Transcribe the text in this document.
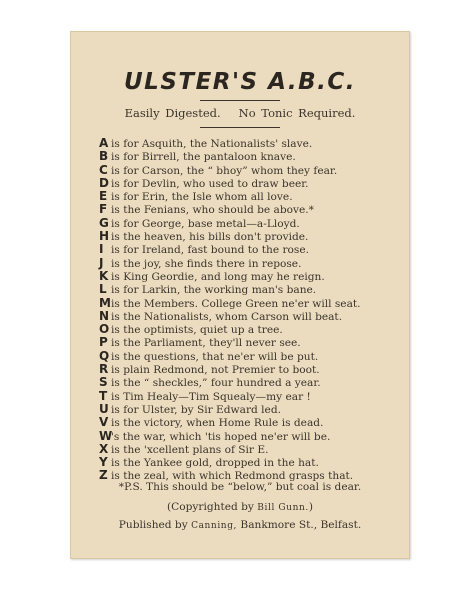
ULSTER'S A.B.C.
Easily Digested. No Tonic Required.
A is for Asquith, the Nationalists' slave.
B is for Birrell, the pantaloon knave.
C is for Carson, the “ bhoy” whom they fear.
D is for Devlin, who used to draw beer.
E is for Erin, the Isle whom all love.
F is the Fenians, who should be above.*
G is for George, base metal—a-Lloyd.
H is the heaven, his bills don't provide.
I is for Ireland, fast bound to the rose.
J is the joy, she finds there in repose.
K is King Geordie, and long may he reign.
L is for Larkin, the working man's bane.
Mis the Members. College Green ne'er will seat.
N is the Nationalists, whom Carson will beat.
O is the optimists, quiet up a tree.
P is the Parliament, they'll never see.
Q is the questions, that ne'er will be put.
R is plain Redmond, not Premier to boot.
S is the “ sheckles,” four hundred a year.
T is Tim Healy—Tim Squealy—my ear !
U is for Ulster, by Sir Edward led.
V is the victory, when Home Rule is dead.
W's the war, which 'tis hoped ne'er will be.
X is the 'xcellent plans of Sir E.
Y is the Yankee gold, dropped in the hat.
Z is the zeal, with which Redmond grasps that.
*P.S. This should be “below,” but coal is dear.
(Copyrighted by Bill Gunn.)
Published by Canning, Bankmore St., Belfast.
